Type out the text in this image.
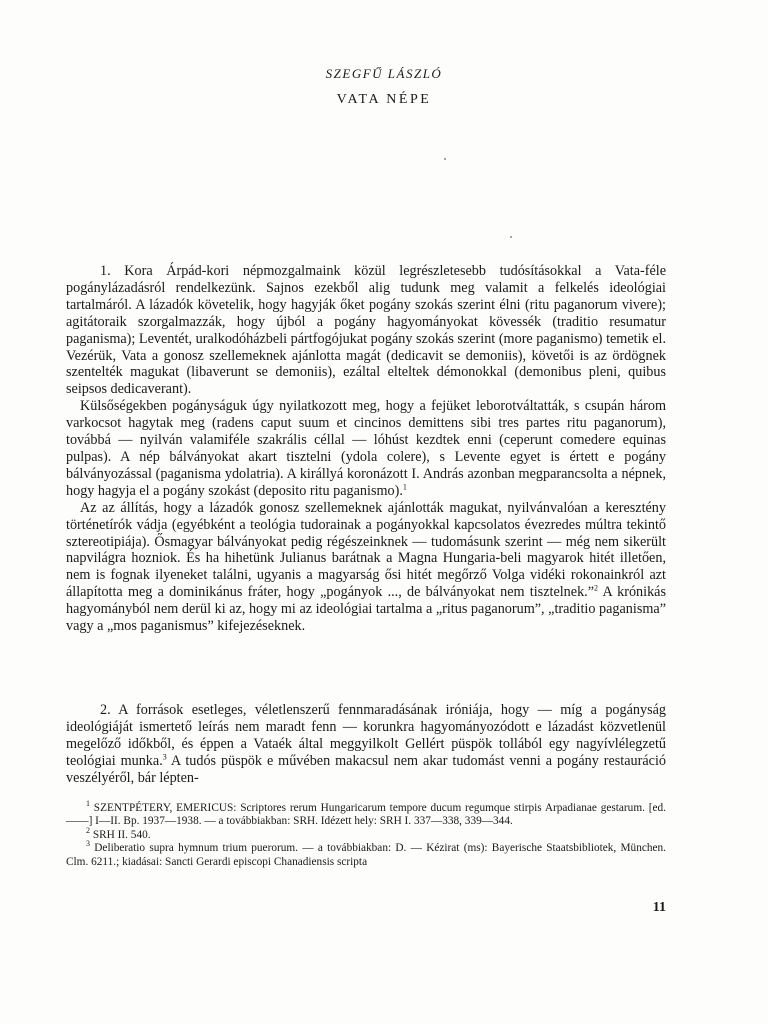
SZEGFŰ LÁSZLÓ
VATA NÉPE

1. Kora Árpád-kori népmozgalmaink közül legrészletesebb tudósításokkal a Vata-féle pogánylázadásról rendelkezünk. Sajnos ezekből alig tudunk meg valamit a felkelés ideológiai tartalmáról. A lázadók követelik, hogy hagyják őket pogány szokás szerint élni (ritu paganorum vivere); agitátoraik szorgalmazzák, hogy újból a pogány hagyományokat kövessék (traditio resumatur paganisma); Leventét, uralkodóházbeli pártfogójukat pogány szokás szerint (more paganismo) temetik el. Vezérük, Vata a gonosz szellemeknek ajánlotta magát (dedicavit se demoniis), követői is az ördögnek szentelték magukat (libaverunt se demoniis), ezáltal elteltek démonokkal (demonibus pleni, quibus seipsos dedicaverant).

Külsőségekben pogányságuk úgy nyilatkozott meg, hogy a fejüket leborotváltatták, s csupán három varkocsot hagytak meg (radens caput suum et cincinos demittens sibi tres partes ritu paganorum), továbbá — nyilván valamiféle szakrális céllal — lóhúst kezdtek enni (ceperunt comedere equinas pulpas). A nép bálványokat akart tisztelni (ydola colere), s Levente egyet is értett e pogány bálványozással (paganisma ydolatria). A királlyá koronázott I. András azonban megparancsolta a népnek, hogy hagyja el a pogány szokást (deposito ritu paganismo).$^1$

Az az állítás, hogy a lázadók gonosz szellemeknek ajánlották magukat, nyilvánvalóan a keresztény történetírók vádja (egyébként a teológia tudorainak a pogányokkal kapcsolatos évezredes múltra tekintő sztereotipiája). Ősmagyar bálványokat pedig régészeinknek — tudomásunk szerint — még nem sikerült napvilágra hozniok. És ha hihetünk Julianus barátnak a Magna Hungaria-beli magyarok hitét illetően, nem is fognak ilyeneket találni, ugyanis a magyarság ősi hitét megőrző Volga vidéki rokonainkról azt állapította meg a dominikánus fráter, hogy „pogányok ..., de bálványokat nem tisztelnek.”$^2$ A krónikás hagyományból nem derül ki az, hogy mi az ideológiai tartalma a „ritus paganorum”, „traditio paganisma” vagy a „mos paganismus” kifejezéseknek.

2. A források esetleges, véletlenszerű fennmaradásának iróniája, hogy — míg a pogányság ideológiáját ismertető leírás nem maradt fenn — korunkra hagyományozódott e lázadást közvetlenül megelőző időkből, és éppen a Vataék által meggyilkolt Gellért püspök tollából egy nagyívlélegzetű teológiai munka.$^3$ A tudós püspök e művében makacsul nem akar tudomást venni a pogány restauráció veszélyéről, bár lépten-

$^1$ SZENTPÉTERY, EMERICUS: Scriptores rerum Hungaricarum tempore ducum regumque stirpis Arpadianae gestarum. [ed. ——] I—II. Bp. 1937—1938. — a továbbiakban: SRH. Idézett hely: SRH I. 337—338, 339—344.

$^2$ SRH II. 540.

$^3$ Deliberatio supra hymnum trium puerorum. — a továbbiakban: D. — Kézirat (ms): Bayerische Staatsbibliotek, München. Clm. 6211.; kiadásai: Sancti Gerardi episcopi Chanadiensis scripta

11
